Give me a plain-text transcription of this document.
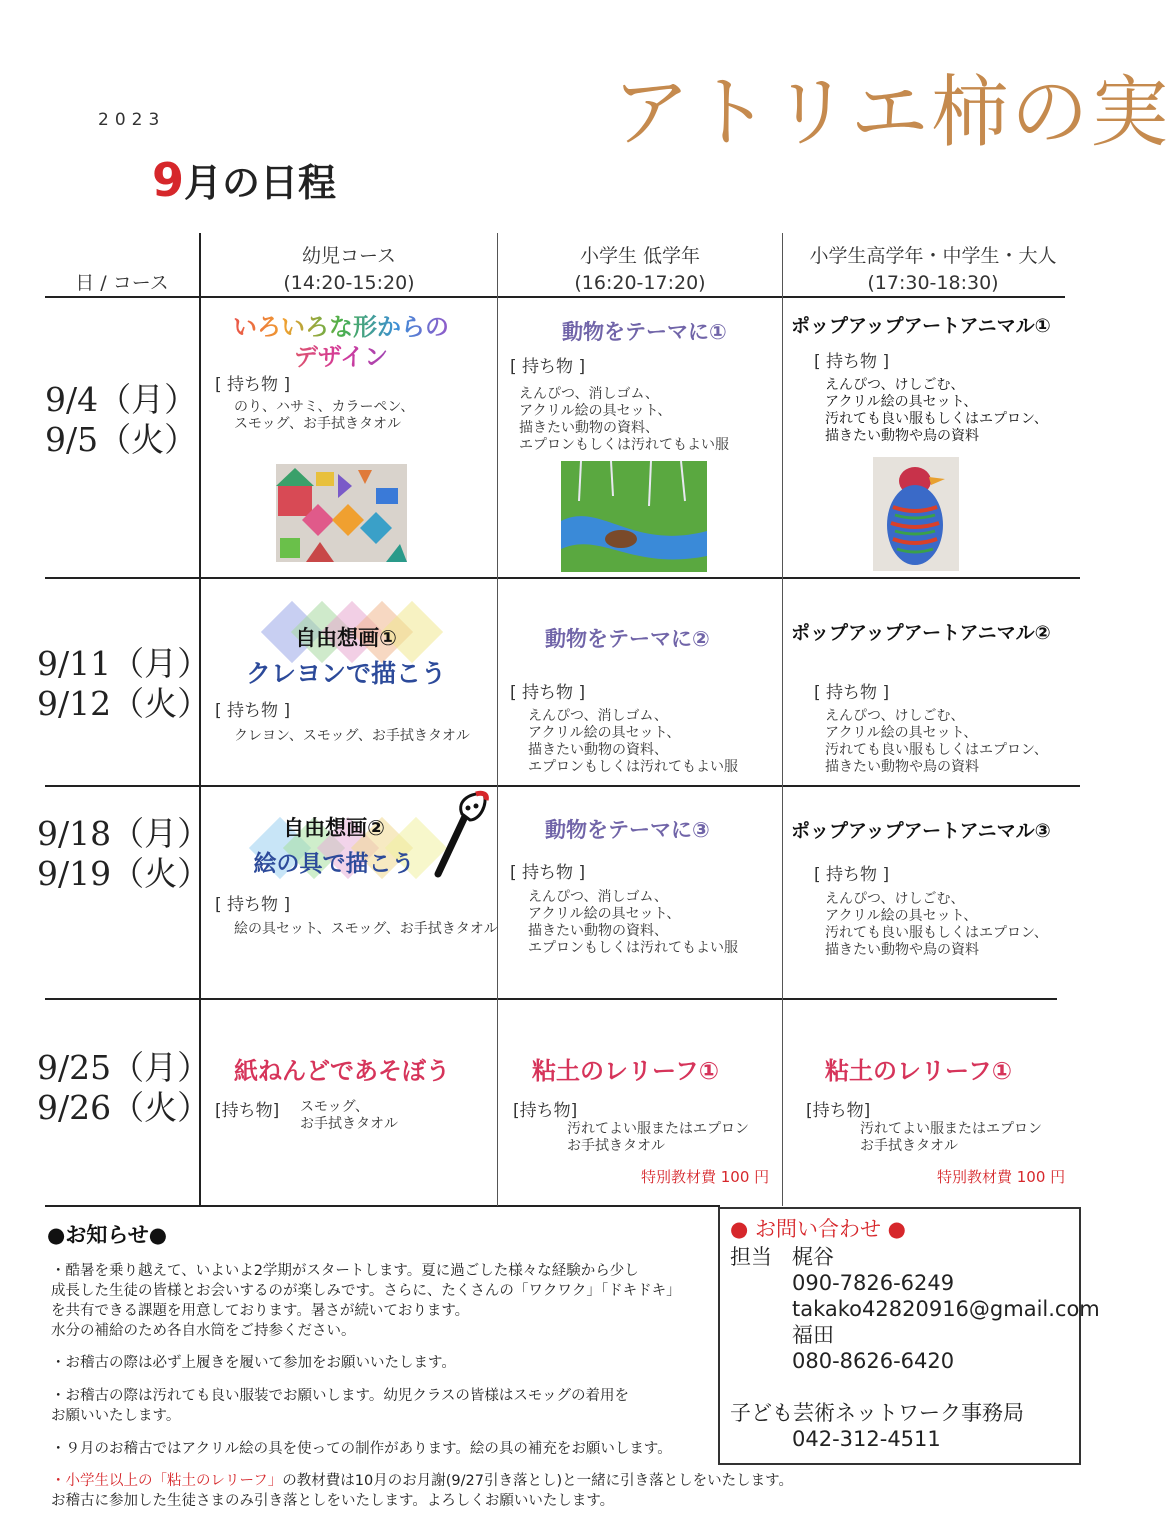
アトリエ柿の実
2023
9月の日程
日 / コース
幼児コース
(14:20-15:20)
小学生 低学年
(16:20-17:20)
小学生高学年・中学生・大人
(17:30-18:30)
9/4（月）
9/5（火）
いろいろな形からの
デザイン
[ 持ち物 ]
のり、ハサミ、カラーペン、
スモッグ、お手拭きタオル
動物をテーマに①
[ 持ち物 ]
えんぴつ、消しゴム、
アクリル絵の具セット、
描きたい動物の資料、
エプロンもしくは汚れてもよい服
ポップアップアートアニマル①
[ 持ち物 ]
えんぴつ、けしごむ、
アクリル絵の具セット、
汚れても良い服もしくはエプロン、
描きたい動物や鳥の資料
9/11（月）
9/12（火）
自由想画①
クレヨンで描こう
[ 持ち物 ]
クレヨン、スモッグ、お手拭きタオル
動物をテーマに②
[ 持ち物 ]
えんぴつ、消しゴム、
アクリル絵の具セット、
描きたい動物の資料、
エプロンもしくは汚れてもよい服
ポップアップアートアニマル②
[ 持ち物 ]
えんぴつ、けしごむ、
アクリル絵の具セット、
汚れても良い服もしくはエプロン、
描きたい動物や鳥の資料
9/18（月）
9/19（火）
自由想画②
絵の具で描こう
[ 持ち物 ]
絵の具セット、スモッグ、お手拭きタオル
動物をテーマに③
[ 持ち物 ]
えんぴつ、消しゴム、
アクリル絵の具セット、
描きたい動物の資料、
エプロンもしくは汚れてもよい服
ポップアップアートアニマル③
[ 持ち物 ]
えんぴつ、けしごむ、
アクリル絵の具セット、
汚れても良い服もしくはエプロン、
描きたい動物や鳥の資料
9/25（月）
9/26（火）
紙ねんどであそぼう
[持ち物] スモッグ、
お手拭きタオル
粘土のレリーフ①
[持ち物]
汚れてよい服またはエプロン
お手拭きタオル
特別教材費 100 円
粘土のレリーフ①
[持ち物]
汚れてよい服またはエプロン
お手拭きタオル
特別教材費 100 円
●お知らせ●
・酷暑を乗り越えて、いよいよ2学期がスタートします。夏に過ごした様々な経験から少し
成長した生徒の皆様とお会いするのが楽しみです。さらに、たくさんの「ワクワク」「ドキドキ」
を共有できる課題を用意しております。暑さが続いております。
水分の補給のため各自水筒をご持参ください。
・お稽古の際は必ず上履きを履いて参加をお願いいたします。
・お稽古の際は汚れても良い服装でお願いします。幼児クラスの皆様はスモッグの着用を
お願いいたします。
・９月のお稽古ではアクリル絵の具を使っての制作があります。絵の具の補充をお願いします。
・小学生以上の「粘土のレリーフ」の教材費は10月のお月謝(9/27引き落とし)と一緒に引き落としをいたします。
お稽古に参加した生徒さまのみ引き落としをいたします。よろしくお願いいたします。
● お問い合わせ ●
担当 梶谷
090-7826-6249
takako42820916@gmail.com
福田
080-8626-6420
子ども芸術ネットワーク事務局
042-312-4511
